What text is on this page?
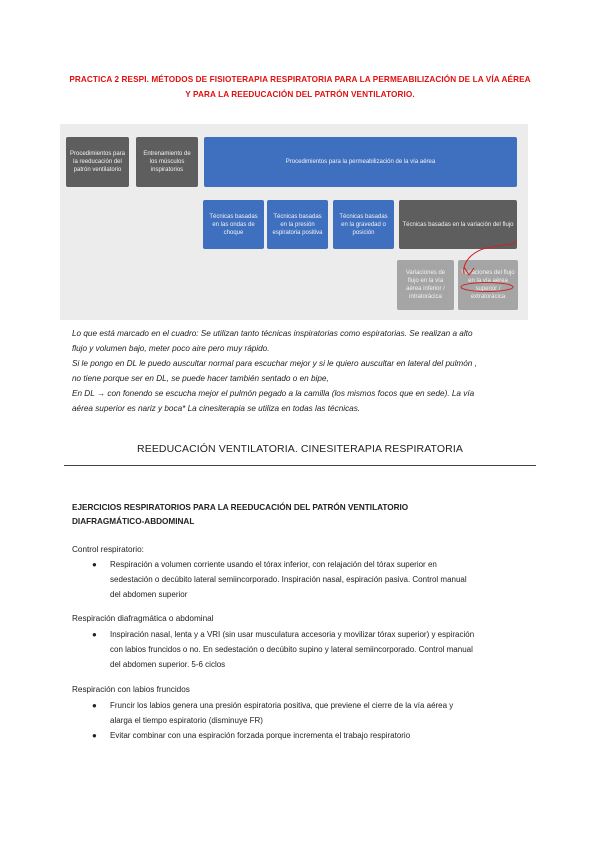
PRACTICA 2 RESPI. MÉTODOS DE FISIOTERAPIA RESPIRATORIA PARA LA PERMEABILIZACIÓN DE LA VÍA AÉREA
Y PARA LA REEDUCACIÓN DEL PATRÓN VENTILATORIO.
Procedimientos para la reeducación del patrón ventilatorio
Entrenamiento de los músculos inspiratorios
Procedimientos para la permeabilización de la vía aérea
Técnicas basadas en las ondas de choque
Técnicas basadas en la presión espiratoria positiva
Técnicas basadas en la gravedad o posición
Técnicas basadas en la variación del flujo
Variaciones de flujo en la vía aérea inferior / intratorácica
Variaciones del flujo en la vía aérea superior / extratorácica
Lo que está marcado en el cuadro: Se utilizan tanto técnicas inspiratorias como espiratorias. Se realizan a alto
flujo y volumen bajo, meter poco aire pero muy rápido.
Si le pongo en DL le puedo auscultar normal para escuchar mejor y si le quiero auscultar en lateral del pulmón ,
no tiene porque ser en DL, se puede hacer también sentado o en bipe,
En DL → con fonendo se escucha mejor el pulmón pegado a la camilla (los mismos focos que en sede). La vía
aérea superior es nariz y boca* La cinesiterapia se utiliza en todas las técnicas.
REEDUCACIÓN VENTILATORIA. CINESITERAPIA RESPIRATORIA
EJERCICIOS RESPIRATORIOS PARA LA REEDUCACIÓN DEL PATRÓN VENTILATORIO
DIAFRAGMÁTICO-ABDOMINAL
Control respiratorio:
● Respiración a volumen corriente usando el tórax inferior, con relajación del tórax superior en
sedestación o decúbito lateral semiincorporado. Inspiración nasal, espiración pasiva. Control manual
del abdomen superior
Respiración diafragmática o abdominal
● Inspiración nasal, lenta y a VRI (sin usar musculatura accesoria y movilizar tórax superior) y espiración
con labios fruncidos o no. En sedestación o decúbito supino y lateral semiincorporado. Control manual
del abdomen superior. 5-6 ciclos
Respiración con labios fruncidos
● Fruncir los labios genera una presión espiratoria positiva, que previene el cierre de la vía aérea y
alarga el tiempo espiratorio (disminuye FR)
● Evitar combinar con una espiración forzada porque incrementa el trabajo respiratorio
